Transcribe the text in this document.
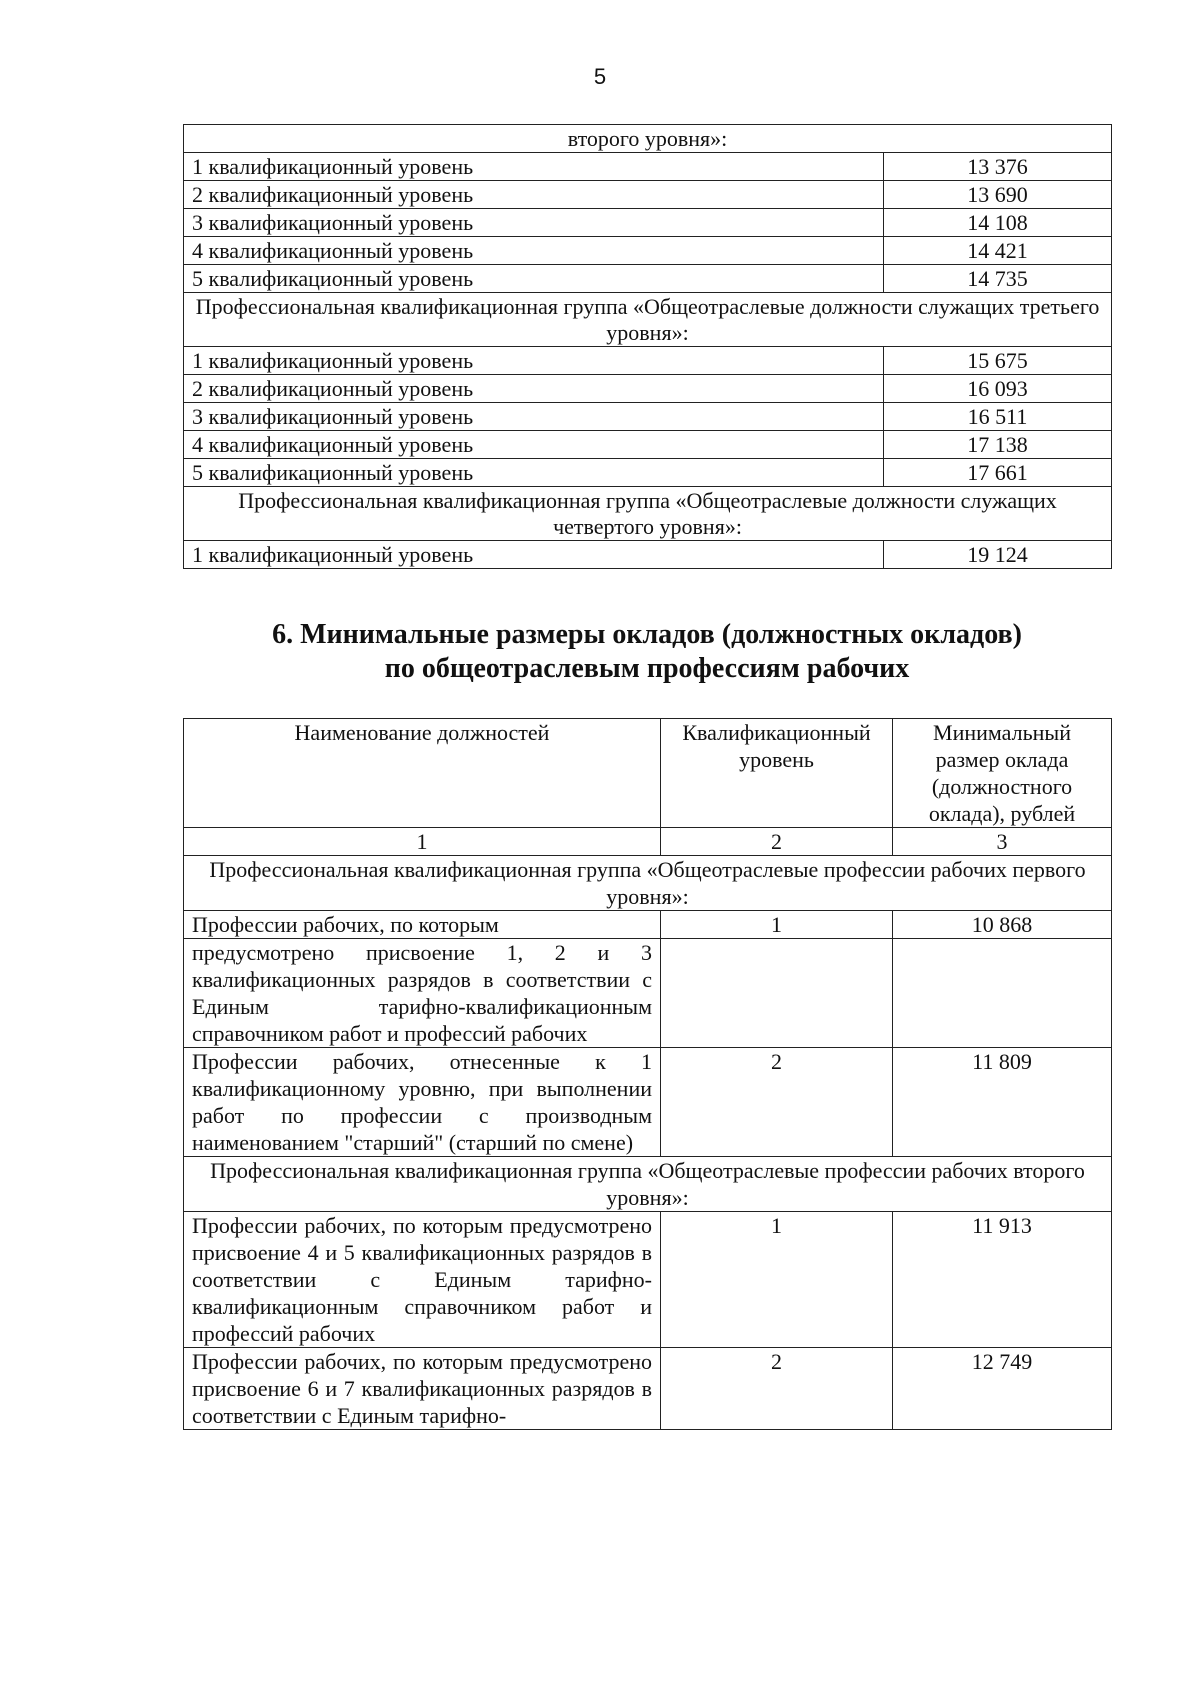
5
второго уровня»:	
1 квалификационный уровень	13 376
2 квалификационный уровень	13 690
3 квалификационный уровень	14 108
4 квалификационный уровень	14 421
5 квалификационный уровень	14 735
Профессиональная квалификационная группа «Общеотраслевые должности служащих третьего уровня»:	
1 квалификационный уровень	15 675
2 квалификационный уровень	16 093
3 квалификационный уровень	16 511
4 квалификационный уровень	17 138
5 квалификационный уровень	17 661
Профессиональная квалификационная группа «Общеотраслевые должности служащих четвертого уровня»:	
1 квалификационный уровень	19 124
6. Минимальные размеры окладов (должностных окладов)
по общеотраслевым профессиям рабочих
Наименование должностей	Квалификационный уровень	Минимальный размер оклада (должностного оклада), рублей
1	2	3
Профессиональная квалификационная группа «Общеотраслевые профессии рабочих первого уровня»:		
Профессии рабочих, по которым	1	10 868
предусмотрено присвоение 1, 2 и 3 квалификационных разрядов в соответствии с Единым тарифно-квалификационным справочником работ и профессий рабочих		
Профессии рабочих, отнесенные к 1 квалификационному уровню, при выполнении работ по профессии с производным наименованием "старший" (старший по смене)	2	11 809
Профессиональная квалификационная группа «Общеотраслевые профессии рабочих второго уровня»:		
Профессии рабочих, по которым предусмотрено присвоение 4 и 5 квалификационных разрядов в соответствии с Единым тарифно-квалификационным справочником работ и профессий рабочих	1	11 913
Профессии рабочих, по которым предусмотрено присвоение 6 и 7 квалификационных разрядов в соответствии с Единым тарифно-	2	12 749
